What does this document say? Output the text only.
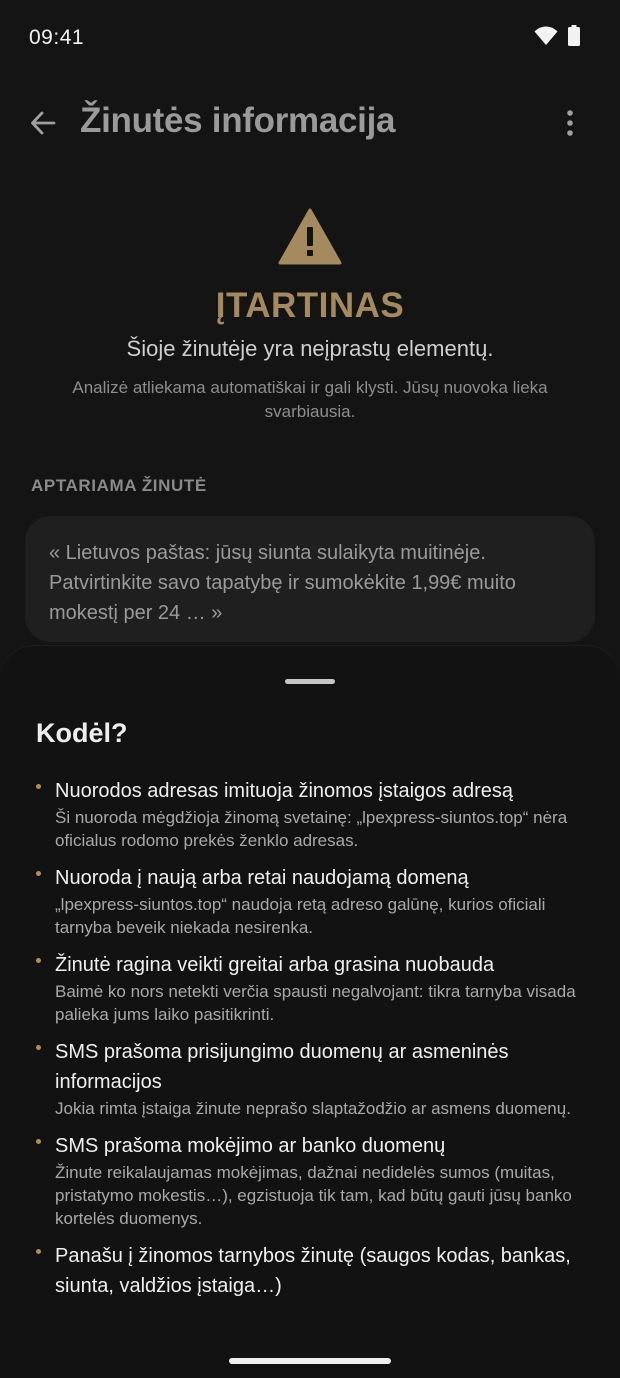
09:41
Žinutės informacija
ĮTARTINAS
Šioje žinutėje yra neįprastų elementų.
Analizė atliekama automatiškai ir gali klysti. Jūsų nuovoka lieka svarbiausia.
APTARIAMA ŽINUTĖ
« Lietuvos paštas: jūsų siunta sulaikyta muitinėje. Patvirtinkite savo tapatybę ir sumokėkite 1,99€ muito mokestį per 24 … »
Kodėl?
Nuorodos adresas imituoja žinomos įstaigos adresą
Ši nuoroda mėgdžioja žinomą svetainę: „lpexpress-siuntos.top“ nėra oficialus rodomo prekės ženklo adresas.
Nuoroda į naują arba retai naudojamą domeną
„lpexpress-siuntos.top“ naudoja retą adreso galūnę, kurios oficiali tarnyba beveik niekada nesirenka.
Žinutė ragina veikti greitai arba grasina nuobauda
Baimė ko nors netekti verčia spausti negalvojant: tikra tarnyba visada palieka jums laiko pasitikrinti.
SMS prašoma prisijungimo duomenų ar asmeninės informacijos
Jokia rimta įstaiga žinute neprašo slaptažodžio ar asmens duomenų.
SMS prašoma mokėjimo ar banko duomenų
Žinute reikalaujamas mokėjimas, dažnai nedidelės sumos (muitas, pristatymo mokestis…), egzistuoja tik tam, kad būtų gauti jūsų banko kortelės duomenys.
Panašu į žinomos tarnybos žinutę (saugos kodas, bankas, siunta, valdžios įstaiga…)
